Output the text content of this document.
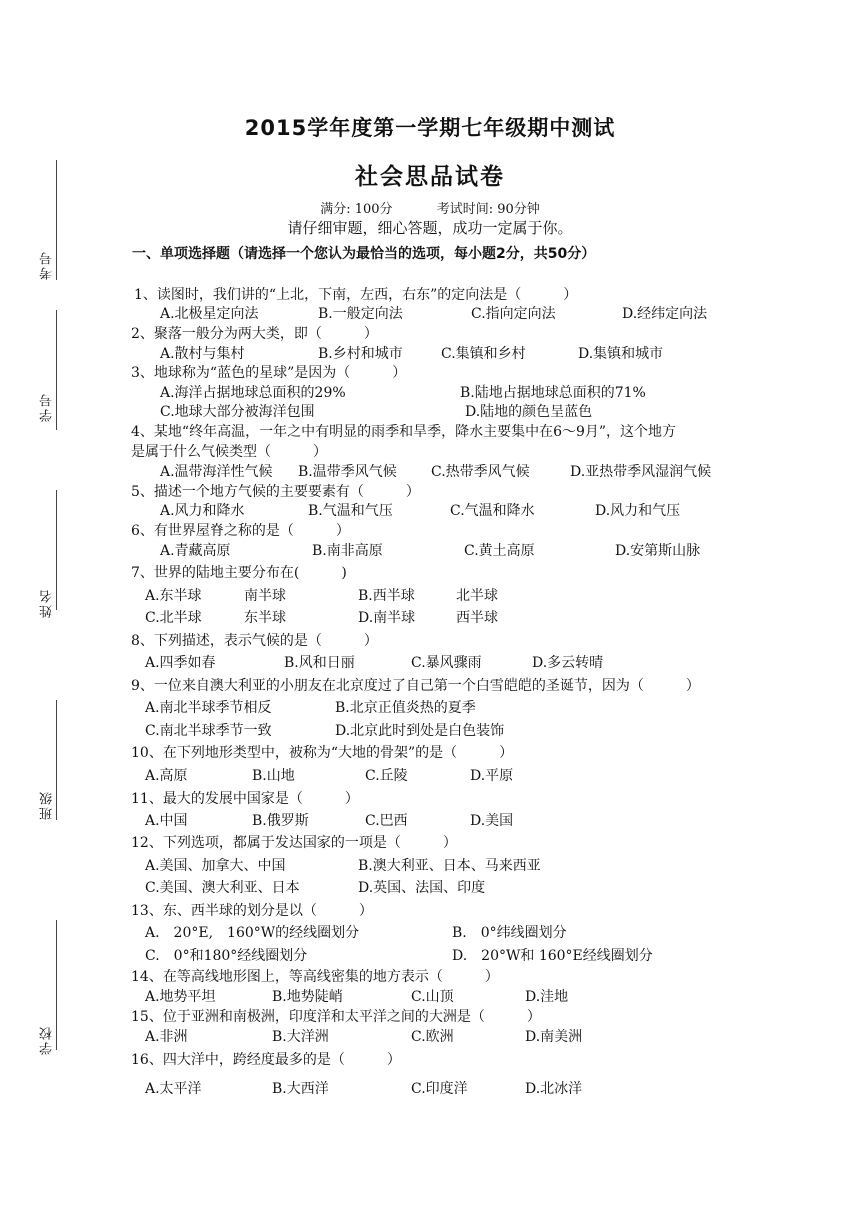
考号
学号
姓名
班级
学校
2015学年度第一学期七年级期中测试
社会思品试卷
满分: 100分	考试时间: 90分钟
请仔细审题，细心答题，成功一定属于你。
一、单项选择题（请选择一个您认为最恰当的选项，每小题2分，共50分）
1、读图时，我们讲的“上北，下南，左西，右东”的定向法是（　　　）
A.北极星定向法	B.一般定向法	C.指向定向法	D.经纬定向法
2、聚落一般分为两大类，即（　　　）
A.散村与集村	B.乡村和城市	C.集镇和乡村	D.集镇和城市
3、地球称为“蓝色的星球”是因为（　　　）
A.海洋占据地球总面积的29%	B.陆地占据地球总面积的71%
C.地球大部分被海洋包围	D.陆地的颜色呈蓝色
4、某地“终年高温，一年之中有明显的雨季和旱季，降水主要集中在6～9月”，这个地方
是属于什么气候类型（　　　）
A.温带海洋性气候 B.温带季风气候 C.热带季风气候	D.亚热带季风湿润气候
5、描述一个地方气候的主要要素有（　　　）
A.风力和降水	B.气温和气压	C.气温和降水	D.风力和气压
6、有世界屋脊之称的是（　　　）
A.青藏高原	B.南非高原	C.黄土高原	D.安第斯山脉
7、世界的陆地主要分布在(　　　)
A.东半球	南半球	B.西半球	北半球
C.北半球	东半球	D.南半球	西半球
8、下列描述，表示气候的是（　　　）
A.四季如春	B.风和日丽	C.暴风骤雨	D.多云转晴
9、一位来自澳大利亚的小朋友在北京度过了自己第一个白雪皑皑的圣诞节，因为（　　　）
A.南北半球季节相反	B.北京正值炎热的夏季
C.南北半球季节一致	D.北京此时到处是白色装饰
10、在下列地形类型中，被称为“大地的骨架”的是（　　　）
A.高原	B.山地	C.丘陵	D.平原
11、最大的发展中国家是（　　　）
A.中国	B.俄罗斯	C.巴西	D.美国
12、下列选项，都属于发达国家的一项是（　　　）
A.美国、加拿大、中国	B.澳大利亚、日本、马来西亚
C.美国、澳大利亚、日本	D.英国、法国、印度
13、东、西半球的划分是以（　　　）
A.　20°E,　160°W的经线圈划分	B.　0°纬线圈划分
C.　0°和180°经线圈划分	D.　20°W和 160°E经线圈划分
14、在等高线地形图上，等高线密集的地方表示（　　　）
A.地势平坦	B.地势陡峭	C.山顶	D.洼地
15、位于亚洲和南极洲，印度洋和太平洋之间的大洲是（　　　）
A.非洲	B.大洋洲	C.欧洲	D.南美洲
16、四大洋中，跨经度最多的是（　　　）
A.太平洋	B.大西洋	C.印度洋	D.北冰洋
